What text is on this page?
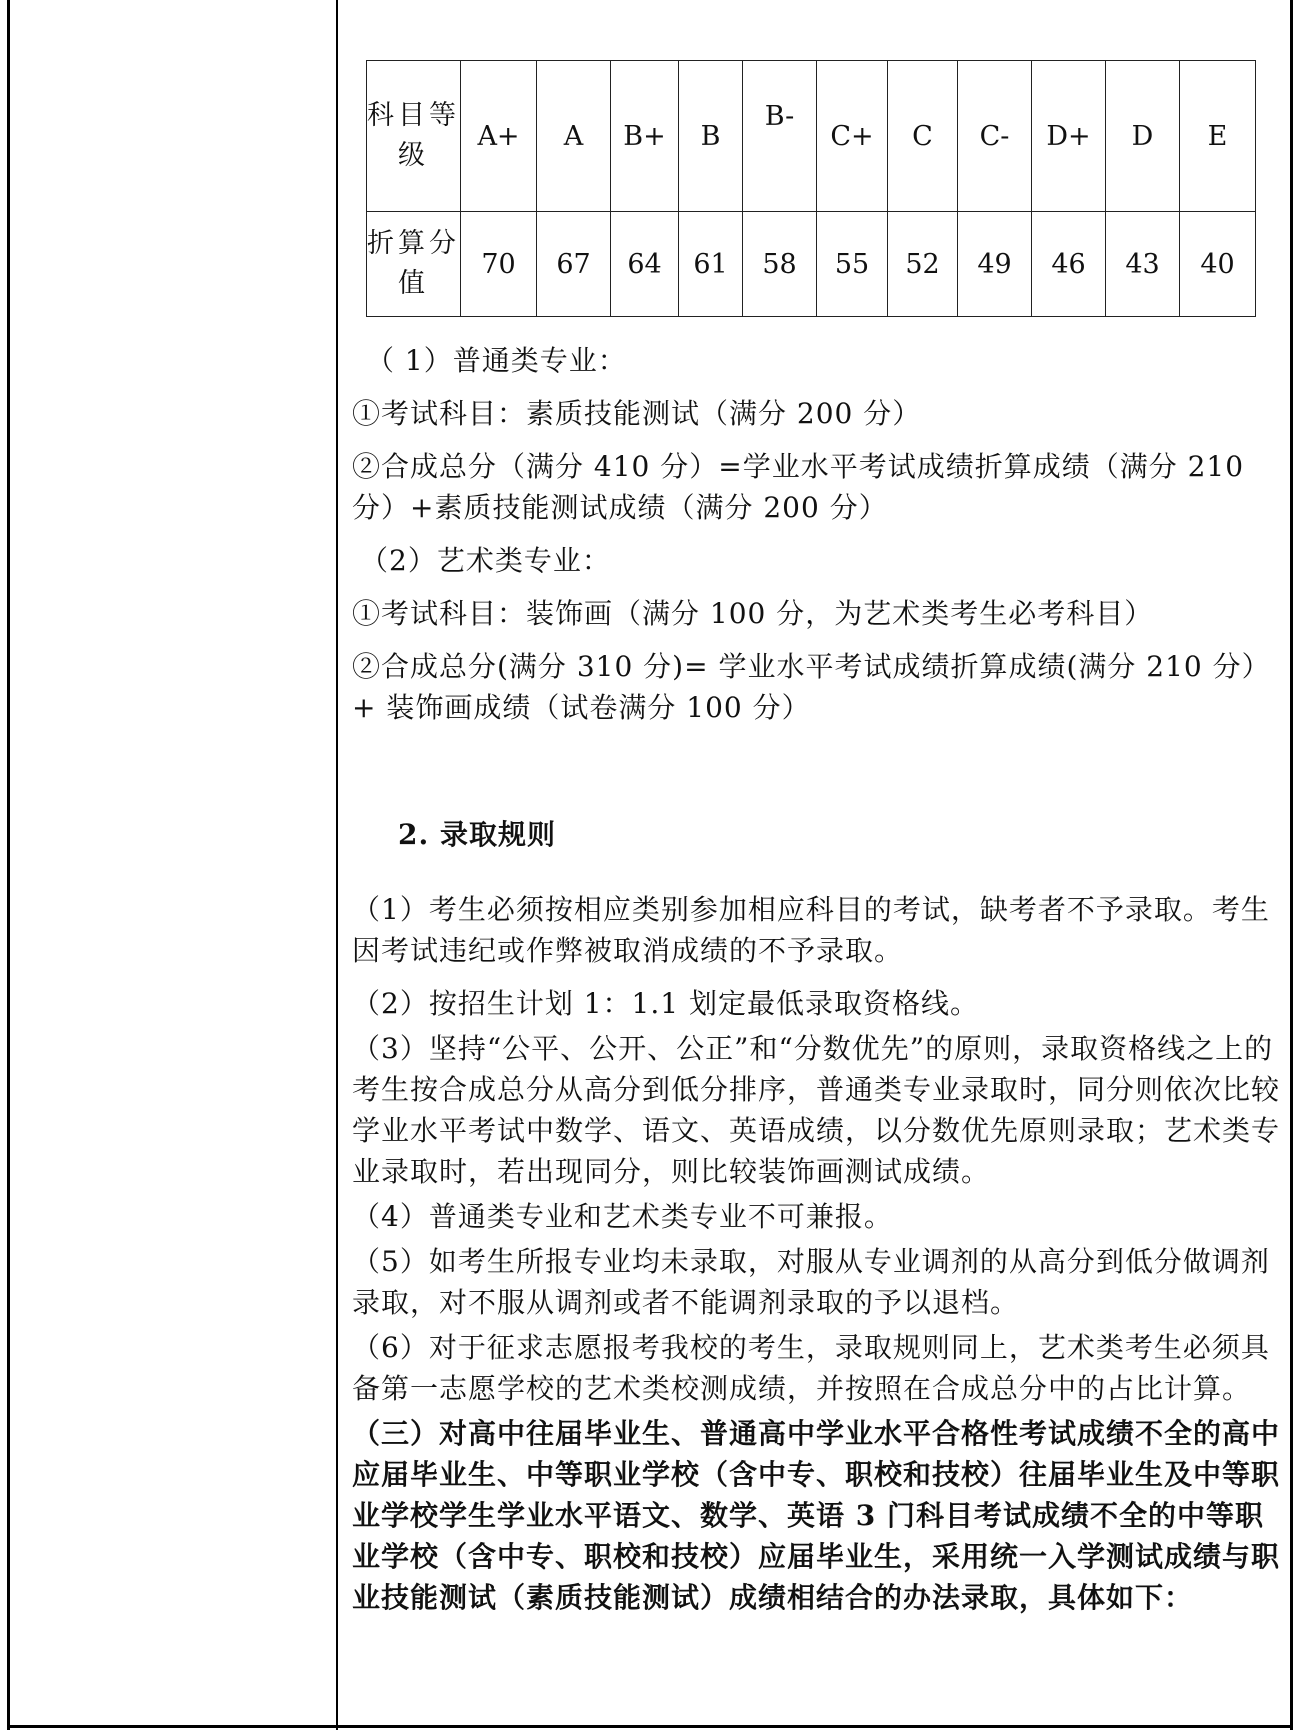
科目等级	A+	A	B+	B	B-	C+	C	C-	D+	D	E
折算分值	70	67	64	61	58	55	52	49	46	43	40

（ 1）普通类专业：

①考试科目：素质技能测试（满分 200 分）

②合成总分（满分 410 分）=学业水平考试成绩折算成绩（满分 210 分）+素质技能测试成绩（满分 200 分）

（2）艺术类专业：

①考试科目：装饰画（满分 100 分，为艺术类考生必考科目）

②合成总分(满分 310 分)= 学业水平考试成绩折算成绩(满分 210 分） + 装饰画成绩（试卷满分 100 分）

2. 录取规则

（1）考生必须按相应类别参加相应科目的考试，缺考者不予录取。考生因考试违纪或作弊被取消成绩的不予录取。

（2）按招生计划 1：1.1 划定最低录取资格线。

（3）坚持“公平、公开、公正”和“分数优先”的原则，录取资格线之上的考生按合成总分从高分到低分排序，普通类专业录取时，同分则依次比较学业水平考试中数学、语文、英语成绩，以分数优先原则录取；艺术类专业录取时，若出现同分，则比较装饰画测试成绩。

（4）普通类专业和艺术类专业不可兼报。

（5）如考生所报专业均未录取，对服从专业调剂的从高分到低分做调剂录取，对不服从调剂或者不能调剂录取的予以退档。

（6）对于征求志愿报考我校的考生，录取规则同上，艺术类考生必须具备第一志愿学校的艺术类校测成绩，并按照在合成总分中的占比计算。

（三）对高中往届毕业生、普通高中学业水平合格性考试成绩不全的高中应届毕业生、中等职业学校（含中专、职校和技校）往届毕业生及中等职业学校学生学业水平语文、数学、英语 3 门科目考试成绩不全的中等职业学校（含中专、职校和技校）应届毕业生，采用统一入学测试成绩与职业技能测试（素质技能测试）成绩相结合的办法录取，具体如下：
